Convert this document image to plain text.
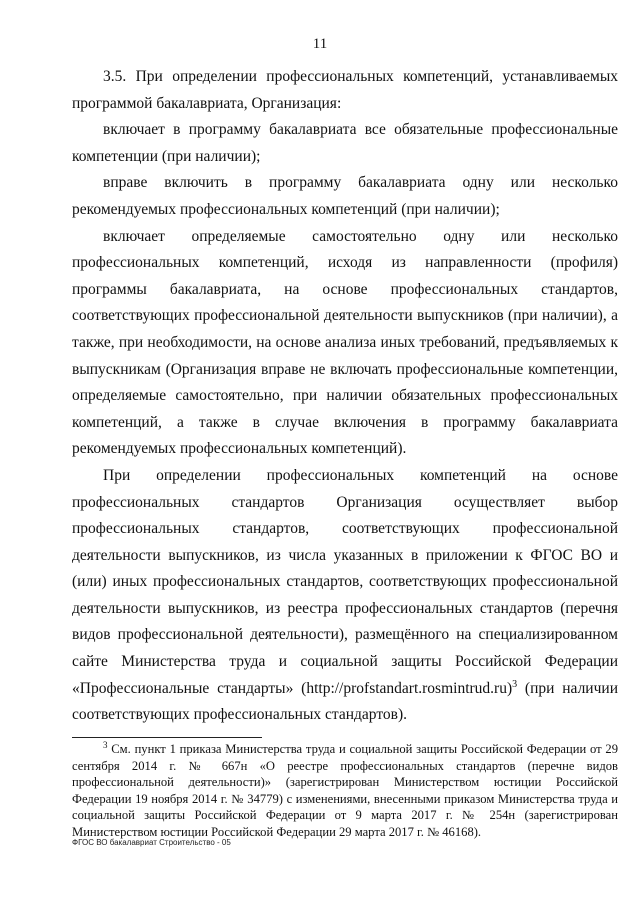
11

3.5. При определении профессиональных компетенций, устанавливаемых программой бакалавриата, Организация:

включает в программу бакалавриата все обязательные профессиональные компетенции (при наличии);

вправе включить в программу бакалавриата одну или несколько рекомендуемых профессиональных компетенций (при наличии);

включает определяемые самостоятельно одну или несколько профессиональных компетенций, исходя из направленности (профиля) программы бакалавриата, на основе профессиональных стандартов, соответствующих профессиональной деятельности выпускников (при наличии), а также, при необходимости, на основе анализа иных требований, предъявляемых к выпускникам (Организация вправе не включать профессиональные компетенции, определяемые самостоятельно, при наличии обязательных профессиональных компетенций, а также в случае включения в программу бакалавриата рекомендуемых профессиональных компетенций).

При определении профессиональных компетенций на основе профессиональных стандартов Организация осуществляет выбор профессиональных стандартов, соответствующих профессиональной деятельности выпускников, из числа указанных в приложении к ФГОС ВО и (или) иных профессиональных стандартов, соответствующих профессиональной деятельности выпускников, из реестра профессиональных стандартов (перечня видов профессиональной деятельности), размещённого на специализированном сайте Министерства труда и социальной защиты Российской Федерации «Профессиональные стандарты» (http://profstandart.rosmintrud.ru)$^3$ (при наличии соответствующих профессиональных стандартов).

$^3$ См. пункт 1 приказа Министерства труда и социальной защиты Российской Федерации от 29 сентября 2014 г. № 667н «О реестре профессиональных стандартов (перечне видов профессиональной деятельности)» (зарегистрирован Министерством юстиции Российской Федерации 19 ноября 2014 г. № 34779) с изменениями, внесенными приказом Министерства труда и социальной защиты Российской Федерации от 9 марта 2017 г. № 254н (зарегистрирован Министерством юстиции Российской Федерации 29 марта 2017 г. № 46168).
ФГОС ВО бакалавриат Строительство - 05
